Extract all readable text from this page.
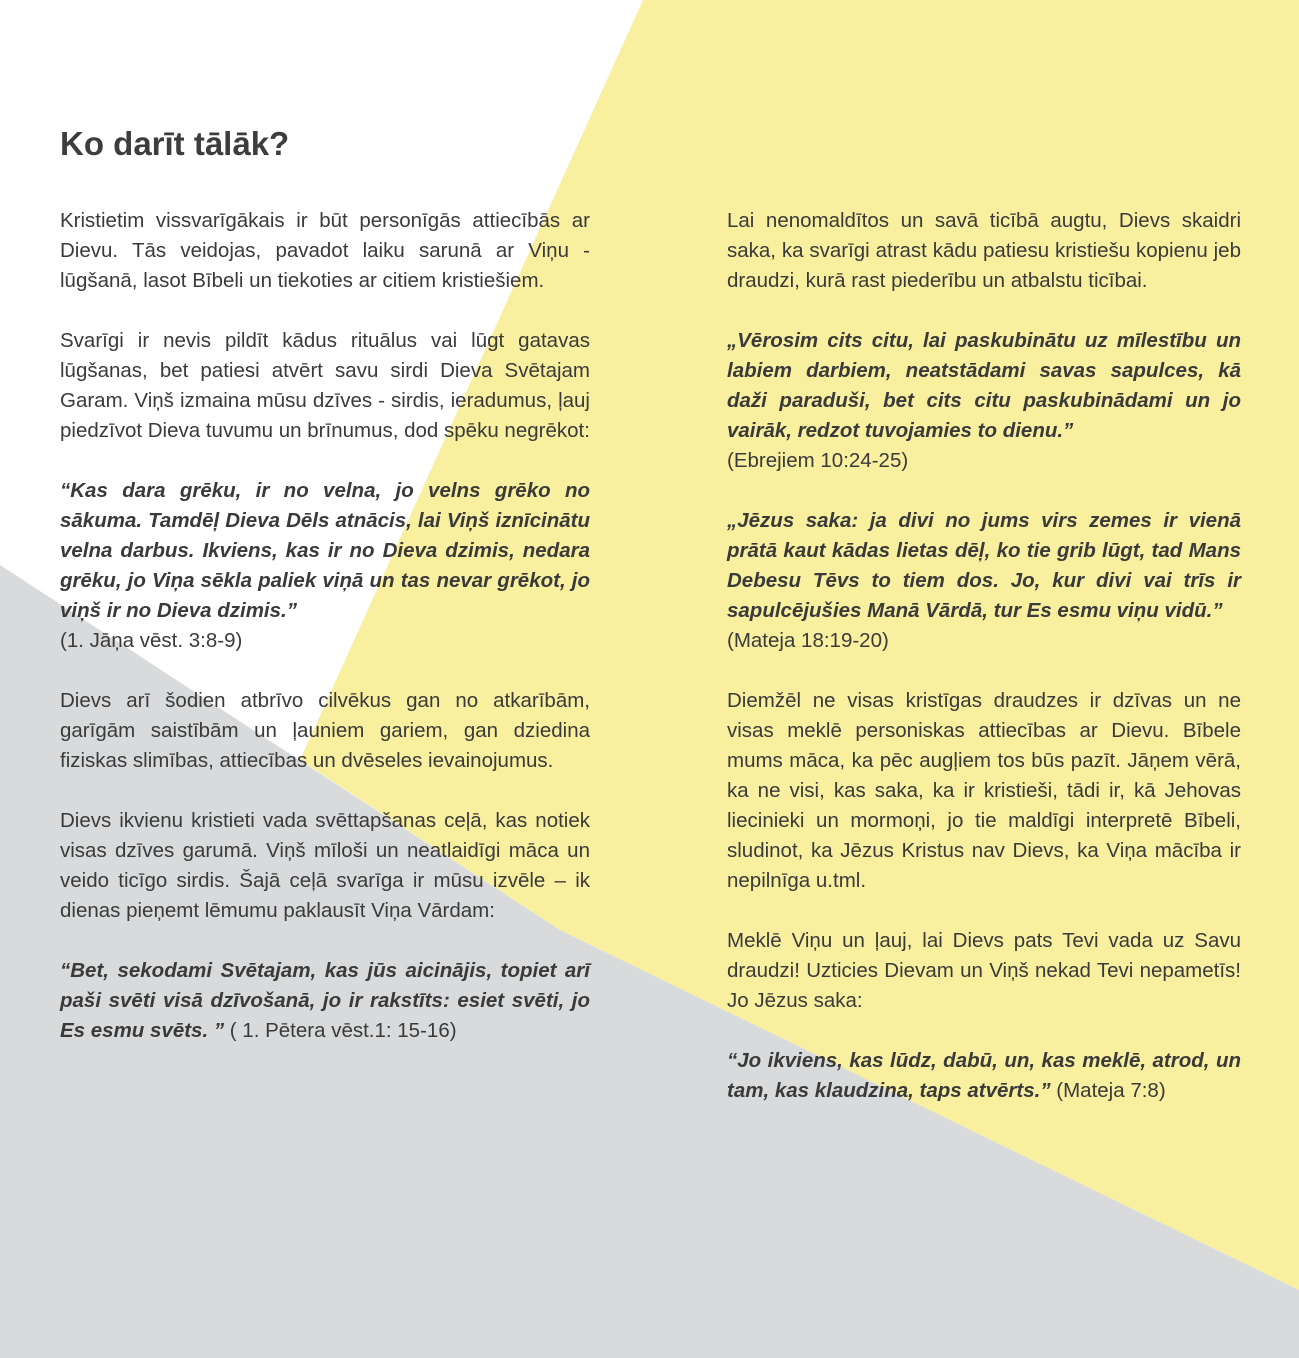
Ko darīt tālāk?

Kristietim vissvarīgākais ir būt personīgās attiecībās ar Dievu. Tās veidojas, pavadot laiku sarunā ar Viņu - lūgšanā, lasot Bībeli un tiekoties ar citiem kristiešiem.

Svarīgi ir nevis pildīt kādus rituālus vai lūgt gatavas lūgšanas, bet patiesi atvērt savu sirdi Dieva Svētajam Garam. Viņš izmaina mūsu dzīves - sirdis, ieradumus, ļauj piedzīvot Dieva tuvumu un brīnumus, dod spēku negrēkot:

“Kas dara grēku, ir no velna, jo velns grēko no sākuma. Tamdēļ Dieva Dēls atnācis, lai Viņš iznīcinātu velna darbus. Ikviens, kas ir no Dieva dzimis, nedara grēku, jo Viņa sēkla paliek viņā un tas nevar grēkot, jo viņš ir no Dieva dzimis.”
(1. Jāņa vēst. 3:8-9)

Dievs arī šodien atbrīvo cilvēkus gan no atkarībām, garīgām saistībām un ļauniem gariem, gan dziedina fiziskas slimības, attiecības un dvēseles ievainojumus.

Dievs ikvienu kristieti vada svēttapšanas ceļā, kas notiek visas dzīves garumā. Viņš mīloši un neatlaidīgi māca un veido ticīgo sirdis. Šajā ceļā svarīga ir mūsu izvēle – ik dienas pieņemt lēmumu paklausīt Viņa Vārdam:

“Bet, sekodami Svētajam, kas jūs aicinājis, topiet arī paši svēti visā dzīvošanā, jo ir rakstīts: esiet svēti, jo Es esmu svēts. ” ( 1. Pētera vēst.1: 15-16)

Lai nenomaldītos un savā ticībā augtu, Dievs skaidri saka, ka svarīgi atrast kādu patiesu kristiešu kopienu jeb draudzi, kurā rast piederību un atbalstu ticībai.

„Vērosim cits citu, lai paskubinātu uz mīlestību un labiem darbiem, neatstādami savas sapulces, kā daži paraduši, bet cits citu paskubinādami un jo vairāk, redzot tuvojamies to dienu.”
(Ebrejiem 10:24-25)

„Jēzus saka: ja divi no jums virs zemes ir vienā prātā kaut kādas lietas dēļ, ko tie grib lūgt, tad Mans Debesu Tēvs to tiem dos. Jo, kur divi vai trīs ir sapulcējušies Manā Vārdā, tur Es esmu viņu vidū.”
(Mateja 18:19-20)

Diemžēl ne visas kristīgas draudzes ir dzīvas un ne visas meklē personiskas attiecības ar Dievu. Bībele mums māca, ka pēc augļiem tos būs pazīt. Jāņem vērā, ka ne visi, kas saka, ka ir kristieši, tādi ir, kā Jehovas liecinieki un mormoņi, jo tie maldīgi interpretē Bībeli, sludinot, ka Jēzus Kristus nav Dievs, ka Viņa mācība ir nepilnīga u.tml.

Meklē Viņu un ļauj, lai Dievs pats Tevi vada uz Savu draudzi! Uzticies Dievam un Viņš nekad Tevi nepametīs! Jo Jēzus saka:

“Jo ikviens, kas lūdz, dabū, un, kas meklē, atrod, un tam, kas klaudzina, taps atvērts.” (Mateja 7:8)
